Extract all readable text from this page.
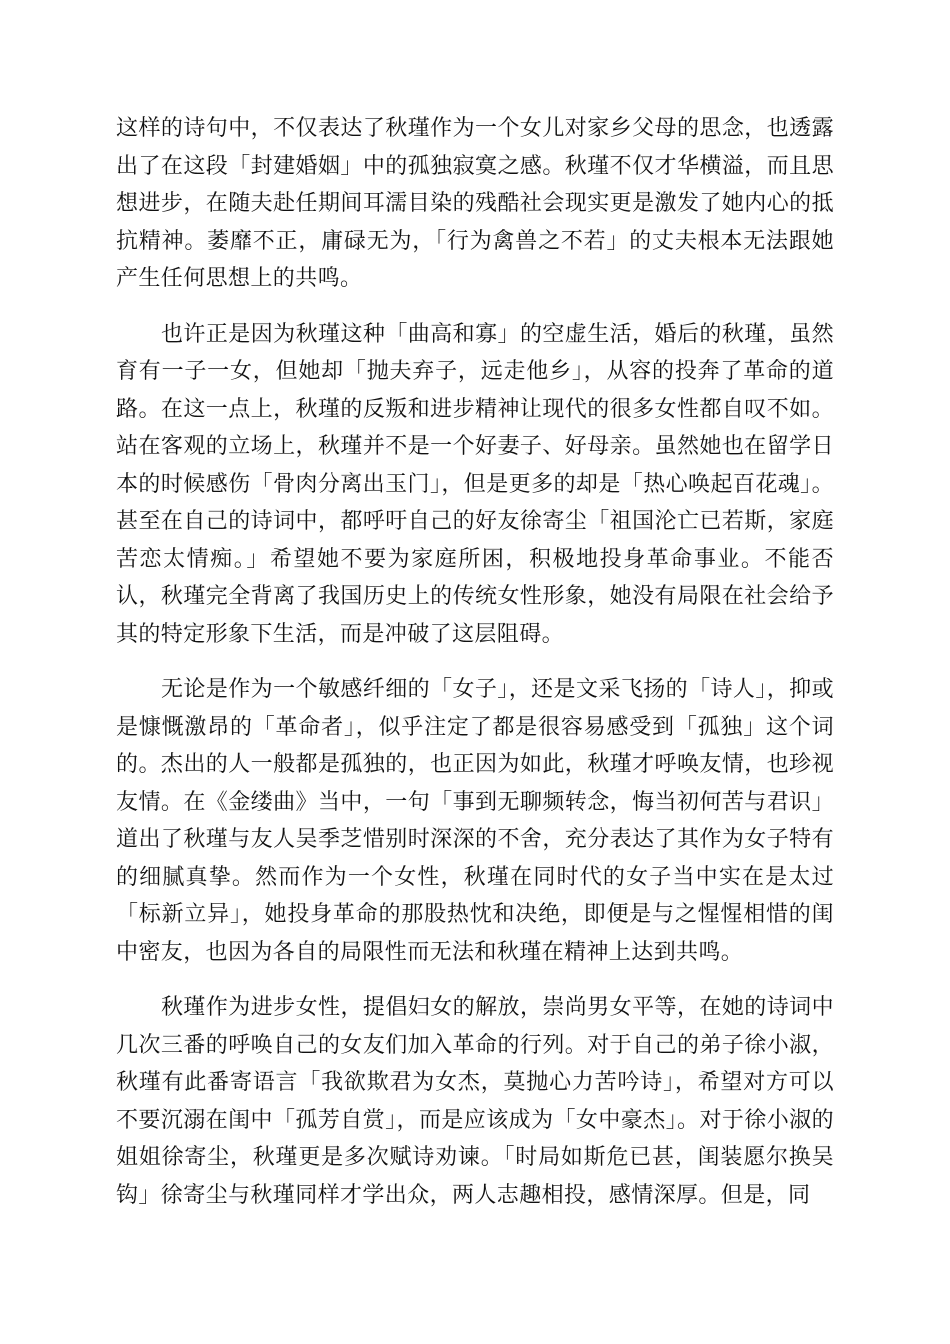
这样的诗句中，不仅表达了秋瑾作为一个女儿对家乡父母的思念，也透露出了在这段「封建婚姻」中的孤独寂寞之感。秋瑾不仅才华横溢，而且思想进步，在随夫赴任期间耳濡目染的残酷社会现实更是激发了她内心的抵抗精神。萎靡不正，庸碌无为，「行为禽兽之不若」的丈夫根本无法跟她产生任何思想上的共鸣。

也许正是因为秋瑾这种「曲高和寡」的空虚生活，婚后的秋瑾，虽然育有一子一女，但她却「抛夫弃子，远走他乡」，从容的投奔了革命的道路。在这一点上，秋瑾的反叛和进步精神让现代的很多女性都自叹不如。站在客观的立场上，秋瑾并不是一个好妻子、好母亲。虽然她也在留学日本的时候感伤「骨肉分离出玉门」，但是更多的却是「热心唤起百花魂」。甚至在自己的诗词中，都呼吁自己的好友徐寄尘「祖国沦亡已若斯，家庭苦恋太情痴。」希望她不要为家庭所困，积极地投身革命事业。不能否认，秋瑾完全背离了我国历史上的传统女性形象，她没有局限在社会给予其的特定形象下生活，而是冲破了这层阻碍。

无论是作为一个敏感纤细的「女子」，还是文采飞扬的「诗人」，抑或是慷慨激昂的「革命者」，似乎注定了都是很容易感受到「孤独」这个词的。杰出的人一般都是孤独的，也正因为如此，秋瑾才呼唤友情，也珍视友情。在《金缕曲》当中，一句「事到无聊频转念，悔当初何苦与君识」道出了秋瑾与友人吴季芝惜别时深深的不舍，充分表达了其作为女子特有的细腻真挚。然而作为一个女性，秋瑾在同时代的女子当中实在是太过「标新立异」，她投身革命的那股热忱和决绝，即便是与之惺惺相惜的闺中密友，也因为各自的局限性而无法和秋瑾在精神上达到共鸣。

秋瑾作为进步女性，提倡妇女的解放，崇尚男女平等，在她的诗词中几次三番的呼唤自己的女友们加入革命的行列。对于自己的弟子徐小淑，秋瑾有此番寄语言「我欲欺君为女杰，莫抛心力苦吟诗」，希望对方可以不要沉溺在闺中「孤芳自赏」，而是应该成为「女中豪杰」。对于徐小淑的姐姐徐寄尘，秋瑾更是多次赋诗劝谏。「时局如斯危已甚，闺装愿尔换吴钩」徐寄尘与秋瑾同样才学出众，两人志趣相投，感情深厚。但是，同
